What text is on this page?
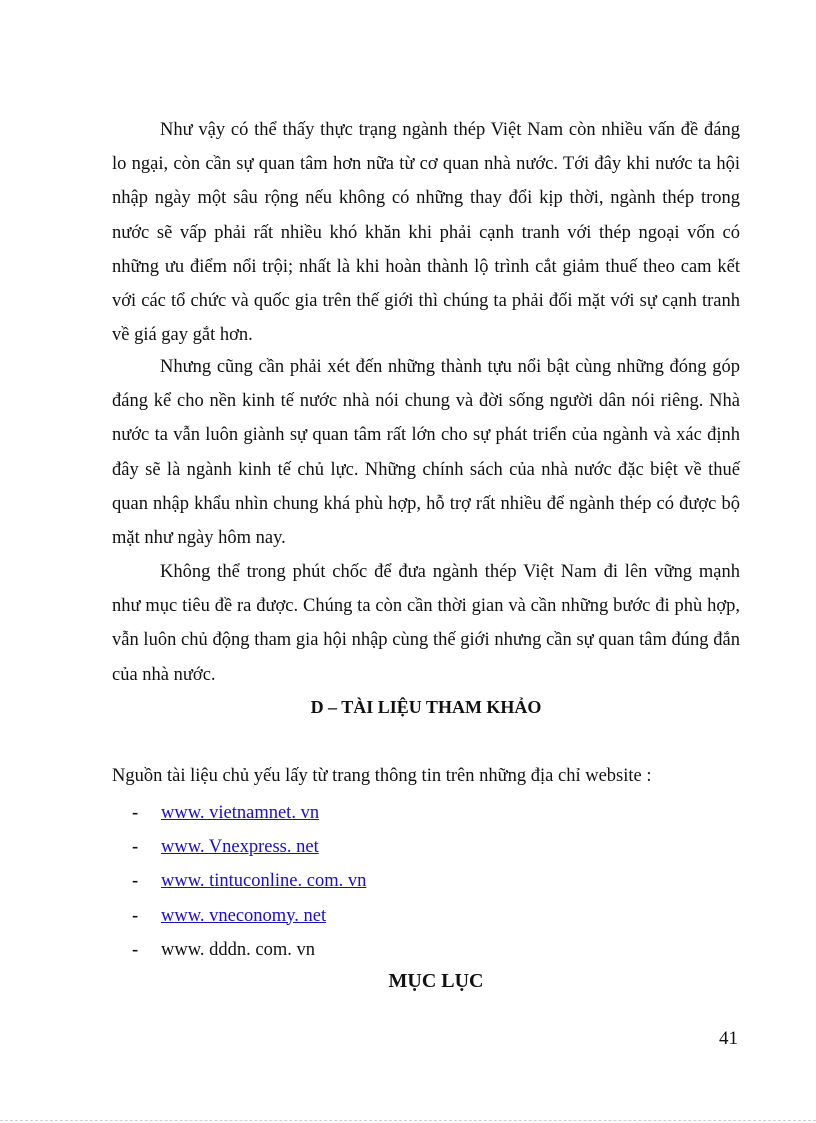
Như vậy có thể thấy thực trạng ngành thép Việt Nam còn nhiều vấn đề đáng lo ngại, còn cần sự quan tâm hơn nữa từ cơ quan nhà nước. Tới đây khi nước ta hội nhập ngày một sâu rộng nếu không có những thay đổi kịp thời, ngành thép trong nước sẽ vấp phải rất nhiều khó khăn khi phải cạnh tranh với thép ngoại vốn có những ưu điểm nổi trội; nhất là khi hoàn thành lộ trình cắt giảm thuế theo cam kết với các tổ chức và quốc gia trên thế giới thì chúng ta phải đối mặt với sự cạnh tranh về giá gay gắt hơn.

Nhưng cũng cần phải xét đến những thành tựu nổi bật cùng những đóng góp đáng kể cho nền kinh tế nước nhà nói chung và đời sống người dân nói riêng. Nhà nước ta vẫn luôn giành sự quan tâm rất lớn cho sự phát triển của ngành và xác định đây sẽ là ngành kinh tế chủ lực. Những chính sách của nhà nước đặc biệt về thuế quan nhập khẩu nhìn chung khá phù hợp, hỗ trợ rất nhiều để ngành thép có được bộ mặt như ngày hôm nay.

Không thể trong phút chốc để đưa ngành thép Việt Nam đi lên vững mạnh như mục tiêu đề ra được. Chúng ta còn cần thời gian và cần những bước đi phù hợp, vẫn luôn chủ động tham gia hội nhập cùng thế giới nhưng cần sự quan tâm đúng đắn của nhà nước.

D – TÀI LIỆU THAM KHẢO

Nguồn tài liệu chủ yếu lấy từ trang thông tin trên những địa chỉ website :

- www. vietnamnet. vn
- www. Vnexpress. net
- www. tintuconline. com. vn
- www. vneconomy. net
- www. dddn. com. vn

MỤC LỤC

41
